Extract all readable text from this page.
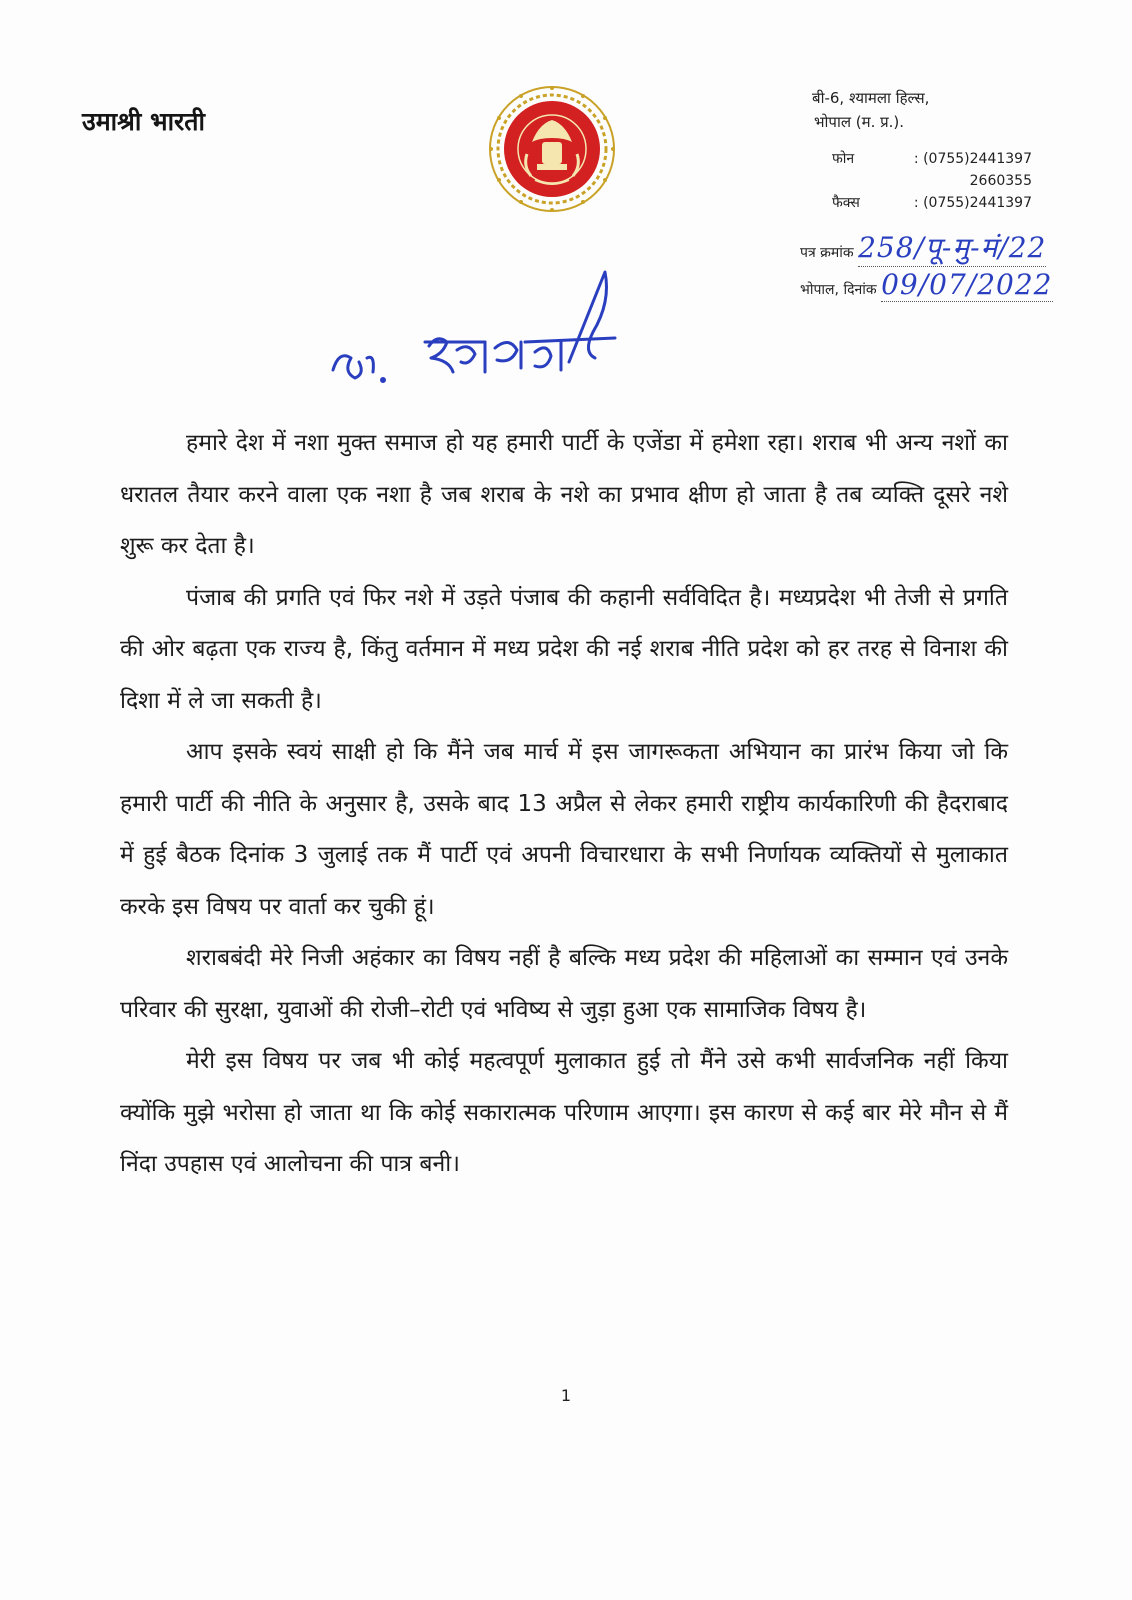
उमाश्री भारती
बी-6, श्यामला हिल्स,
भोपाल (म. प्र.).
फोन	: (0755)2441397
2660355
फैक्स	: (0755)2441397
पत्र क्रमांक 258/पू-मु-मं/22
भोपाल, दिनांक 09/07/2022

हमारे देश में नशा मुक्त समाज हो यह हमारी पार्टी के एजेंडा में हमेशा रहा। शराब भी अन्य नशों का धरातल तैयार करने वाला एक नशा है जब शराब के नशे का प्रभाव क्षीण हो जाता है तब व्यक्ति दूसरे नशे शुरू कर देता है।

पंजाब की प्रगति एवं फिर नशे में उड़ते पंजाब की कहानी सर्वविदित है। मध्यप्रदेश भी तेजी से प्रगति की ओर बढ़ता एक राज्य है, किंतु वर्तमान में मध्य प्रदेश की नई शराब नीति प्रदेश को हर तरह से विनाश की दिशा में ले जा सकती है।

आप इसके स्वयं साक्षी हो कि मैंने जब मार्च में इस जागरूकता अभियान का प्रारंभ किया जो कि हमारी पार्टी की नीति के अनुसार है, उसके बाद 13 अप्रैल से लेकर हमारी राष्ट्रीय कार्यकारिणी की हैदराबाद में हुई बैठक दिनांक 3 जुलाई तक मैं पार्टी एवं अपनी विचारधारा के सभी निर्णायक व्यक्तियों से मुलाकात करके इस विषय पर वार्ता कर चुकी हूं।

शराबबंदी मेरे निजी अहंकार का विषय नहीं है बल्कि मध्य प्रदेश की महिलाओं का सम्मान एवं उनके परिवार की सुरक्षा, युवाओं की रोजी–रोटी एवं भविष्य से जुड़ा हुआ एक सामाजिक विषय है।

मेरी इस विषय पर जब भी कोई महत्वपूर्ण मुलाकात हुई तो मैंने उसे कभी सार्वजनिक नहीं किया क्योंकि मुझे भरोसा हो जाता था कि कोई सकारात्मक परिणाम आएगा। इस कारण से कई बार मेरे मौन से मैं निंदा उपहास एवं आलोचना की पात्र बनी।

1
